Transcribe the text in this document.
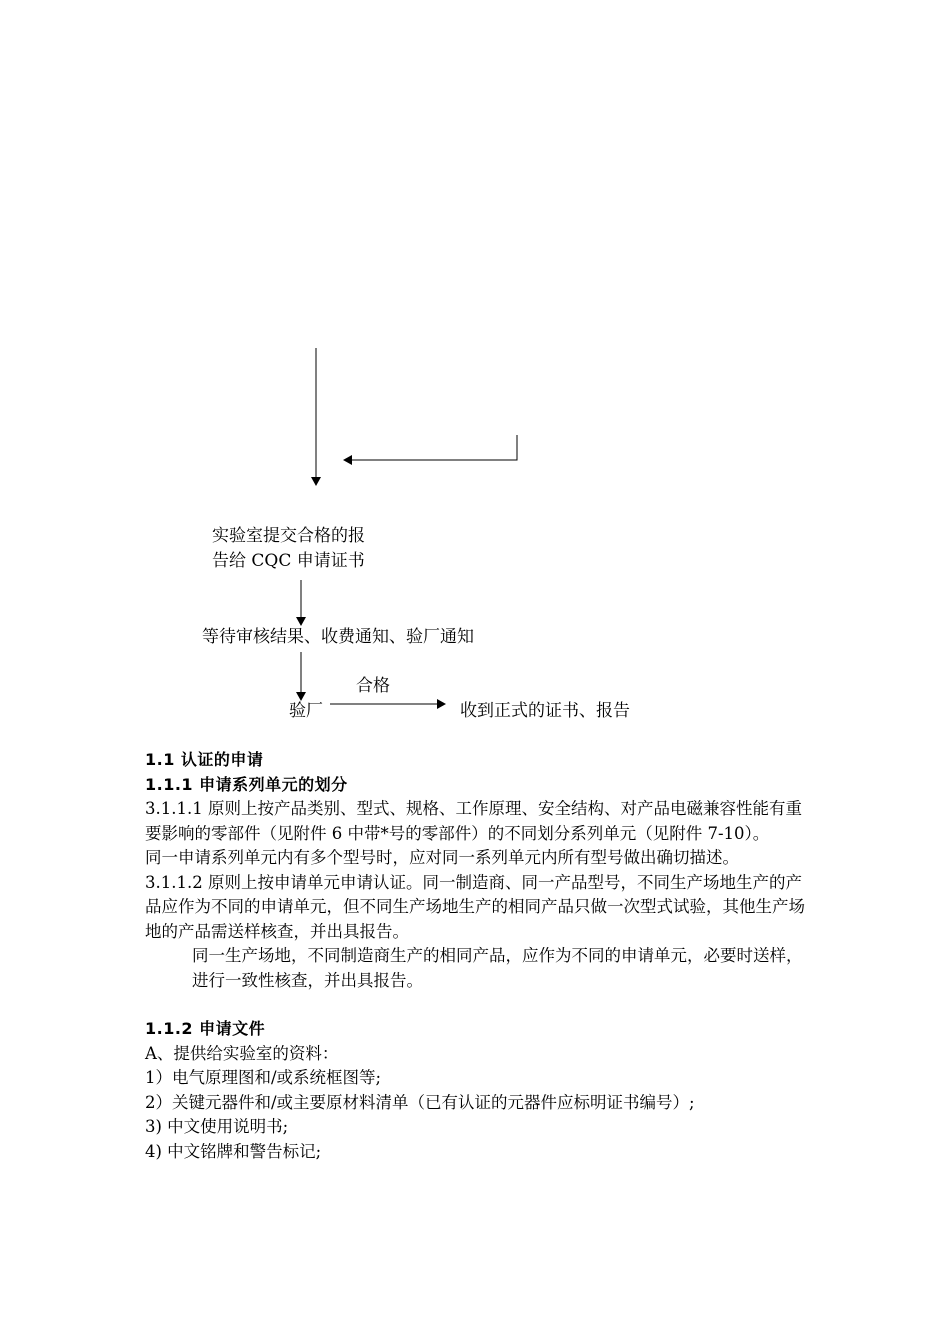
实验室提交合格的报
告给 CQC 申请证书
等待审核结果、收费通知、验厂通知
合格
验厂	收到正式的证书、报告

1.1 认证的申请

1.1.1 申请系列单元的划分

3.1.1.1 原则上按产品类别、型式、规格、工作原理、安全结构、对产品电磁兼容性能有重要影响的零部件（见附件 6 中带*号的零部件）的不同划分系列单元（见附件 7-10）。

同一申请系列单元内有多个型号时，应对同一系列单元内所有型号做出确切描述。

3.1.1.2 原则上按申请单元申请认证。同一制造商、同一产品型号，不同生产场地生产的产品应作为不同的申请单元，但不同生产场地生产的相同产品只做一次型式试验，其他生产场地的产品需送样核查，并出具报告。

同一生产场地，不同制造商生产的相同产品，应作为不同的申请单元，必要时送样，进行一致性核查，并出具报告。

1.1.2 申请文件

A、提供给实验室的资料：

1）电气原理图和/或系统框图等;

2）关键元器件和/或主要原材料清单（已有认证的元器件应标明证书编号）;

3) 中文使用说明书;

4) 中文铭牌和警告标记;
